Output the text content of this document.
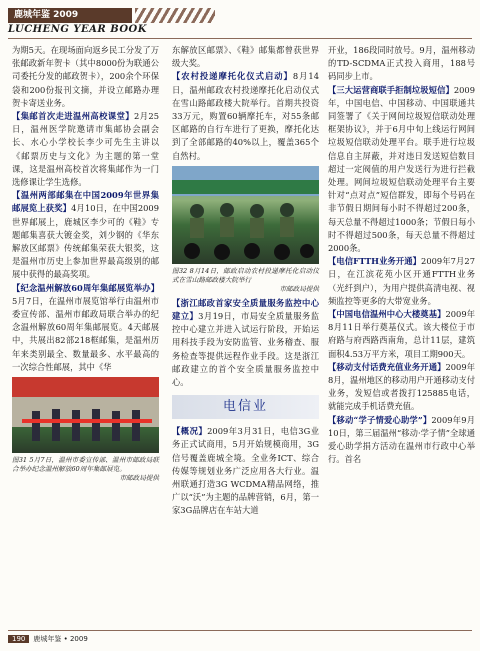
鹿城年鉴 2009
LUCHENG YEAR BOOK

为期5天。在现场面向返乡民工分发了万张邮政新年贺卡（其中8000份为联通公司委托分发的邮政贺卡），200余个环保袋和200份报刊文摘，并设立邮路办理贺卡寄送业务。

【集邮首次走进温州高校课堂】2月25日，温州医学院邀请市集邮协会副会长、水心小学校长李少可先生主讲以《邮票历史与文化》为主题的第一堂课，这是温州高校首次将集邮作为一门选修课让学生选修。

【温州两部邮集在中国2009年世界集邮展览上获奖】4月10日，在中国2009世界邮展上，鹿城区李少可的《鞋》专题邮集喜获大镀金奖，刘少钢的《华东解放区邮票》传统邮集荣获大银奖，这是温州市历史上参加世界最高级别的邮展中获得的最高奖项。

【纪念温州解放60周年集邮展览举办】5月7日，在温州市展览馆举行由温州市委宣传部、温州市邮政局联合举办的纪念温州解放60周年集邮展览。4天邮展中，共展出82部218框邮集，是温州历年来类别最全、数量最多、水平最高的一次综合性邮展，其中《华

图31 5月7日，温州市委宣传部、温州市邮政局联合举办纪念温州解放60周年集邮展览。
市邮政局提供

东解放区邮票》、《鞋》邮集都曾获世界级大奖。

【农村投递摩托化仪式启动】8月14日，温州邮政农村投递摩托化启动仪式在雪山路邮政楼大院举行。首期共投资33万元，购置60辆摩托车，对55条邮区邮路的自行车进行了更换，摩托化达到了全部邮路的40%以上，覆盖365个自然村。

图32 8月14日，邮政启动农村投递摩托化启动仪式在雪山路邮政楼大院举行
市邮政局提供

【浙江邮政首家安全质量服务监控中心建立】3月19日，市局安全质量服务监控中心建立并进入试运行阶段，开始运用科技手段为安防监管、业务稽查、服务检查等提供远程作业手段。这是浙江邮政建立的首个安全质量服务监控中心。

电信业

【概况】2009年3月31日，电信3G业务正式试商用，5月开始规模商用，3G信号覆盖鹿城全境。全业务ICT、综合传媒等规划业务广泛应用各大行业。温州联通打造3G WCDMA精品网络，推广以“沃”为主题的品牌营销，6月，第一家3G品牌店在车站大道

开业，186段同时放号。9月，温州移动的TD-SCDMA正式投入商用，188号码同步上市。

【三大运营商联手拒制垃圾短信】2009年，中国电信、中国移动、中国联通共同签署了《关于网间垃圾短信联动处理框架协议》，并于6月中旬上线运行网间垃圾短信联动处理平台。联手进行垃圾信息自主屏蔽，并对违日发送短信数目超过一定阀值的用户发送行为进行拦截处理。网间垃圾短信联动处理平台主要针对“点对点”短信群发，即每个号码在非节假日期间每小时不得超过200条，每天总量不得超过1000条；节假日每小时不得超过500条，每天总量不得超过2000条。

【电信FTTH业务开通】2009年7月27日，在江滨花苑小区开通FTTH业务（光纤到户），为用户提供高清电视、视频监控等更多的大带宽业务。

【中国电信温州中心大楼奠基】2009年8月11日举行奠基仪式。该大楼位于市府路与府西路西南角，总计11层，建筑面积4.53万平方米，项目工期900天。

【移动支付话费充值业务开通】2009年8月，温州地区的移动用户开通移动支付业务，发短信或者拨打125885电话，就能完成手机话费充值。

【移动“学子情爱心助学”】2009年9月10日，第三届温州“移动·学子情”全球通爱心助学捐方活动在温州市行政中心举行。首名

190 鹿城年鉴 • 2009
